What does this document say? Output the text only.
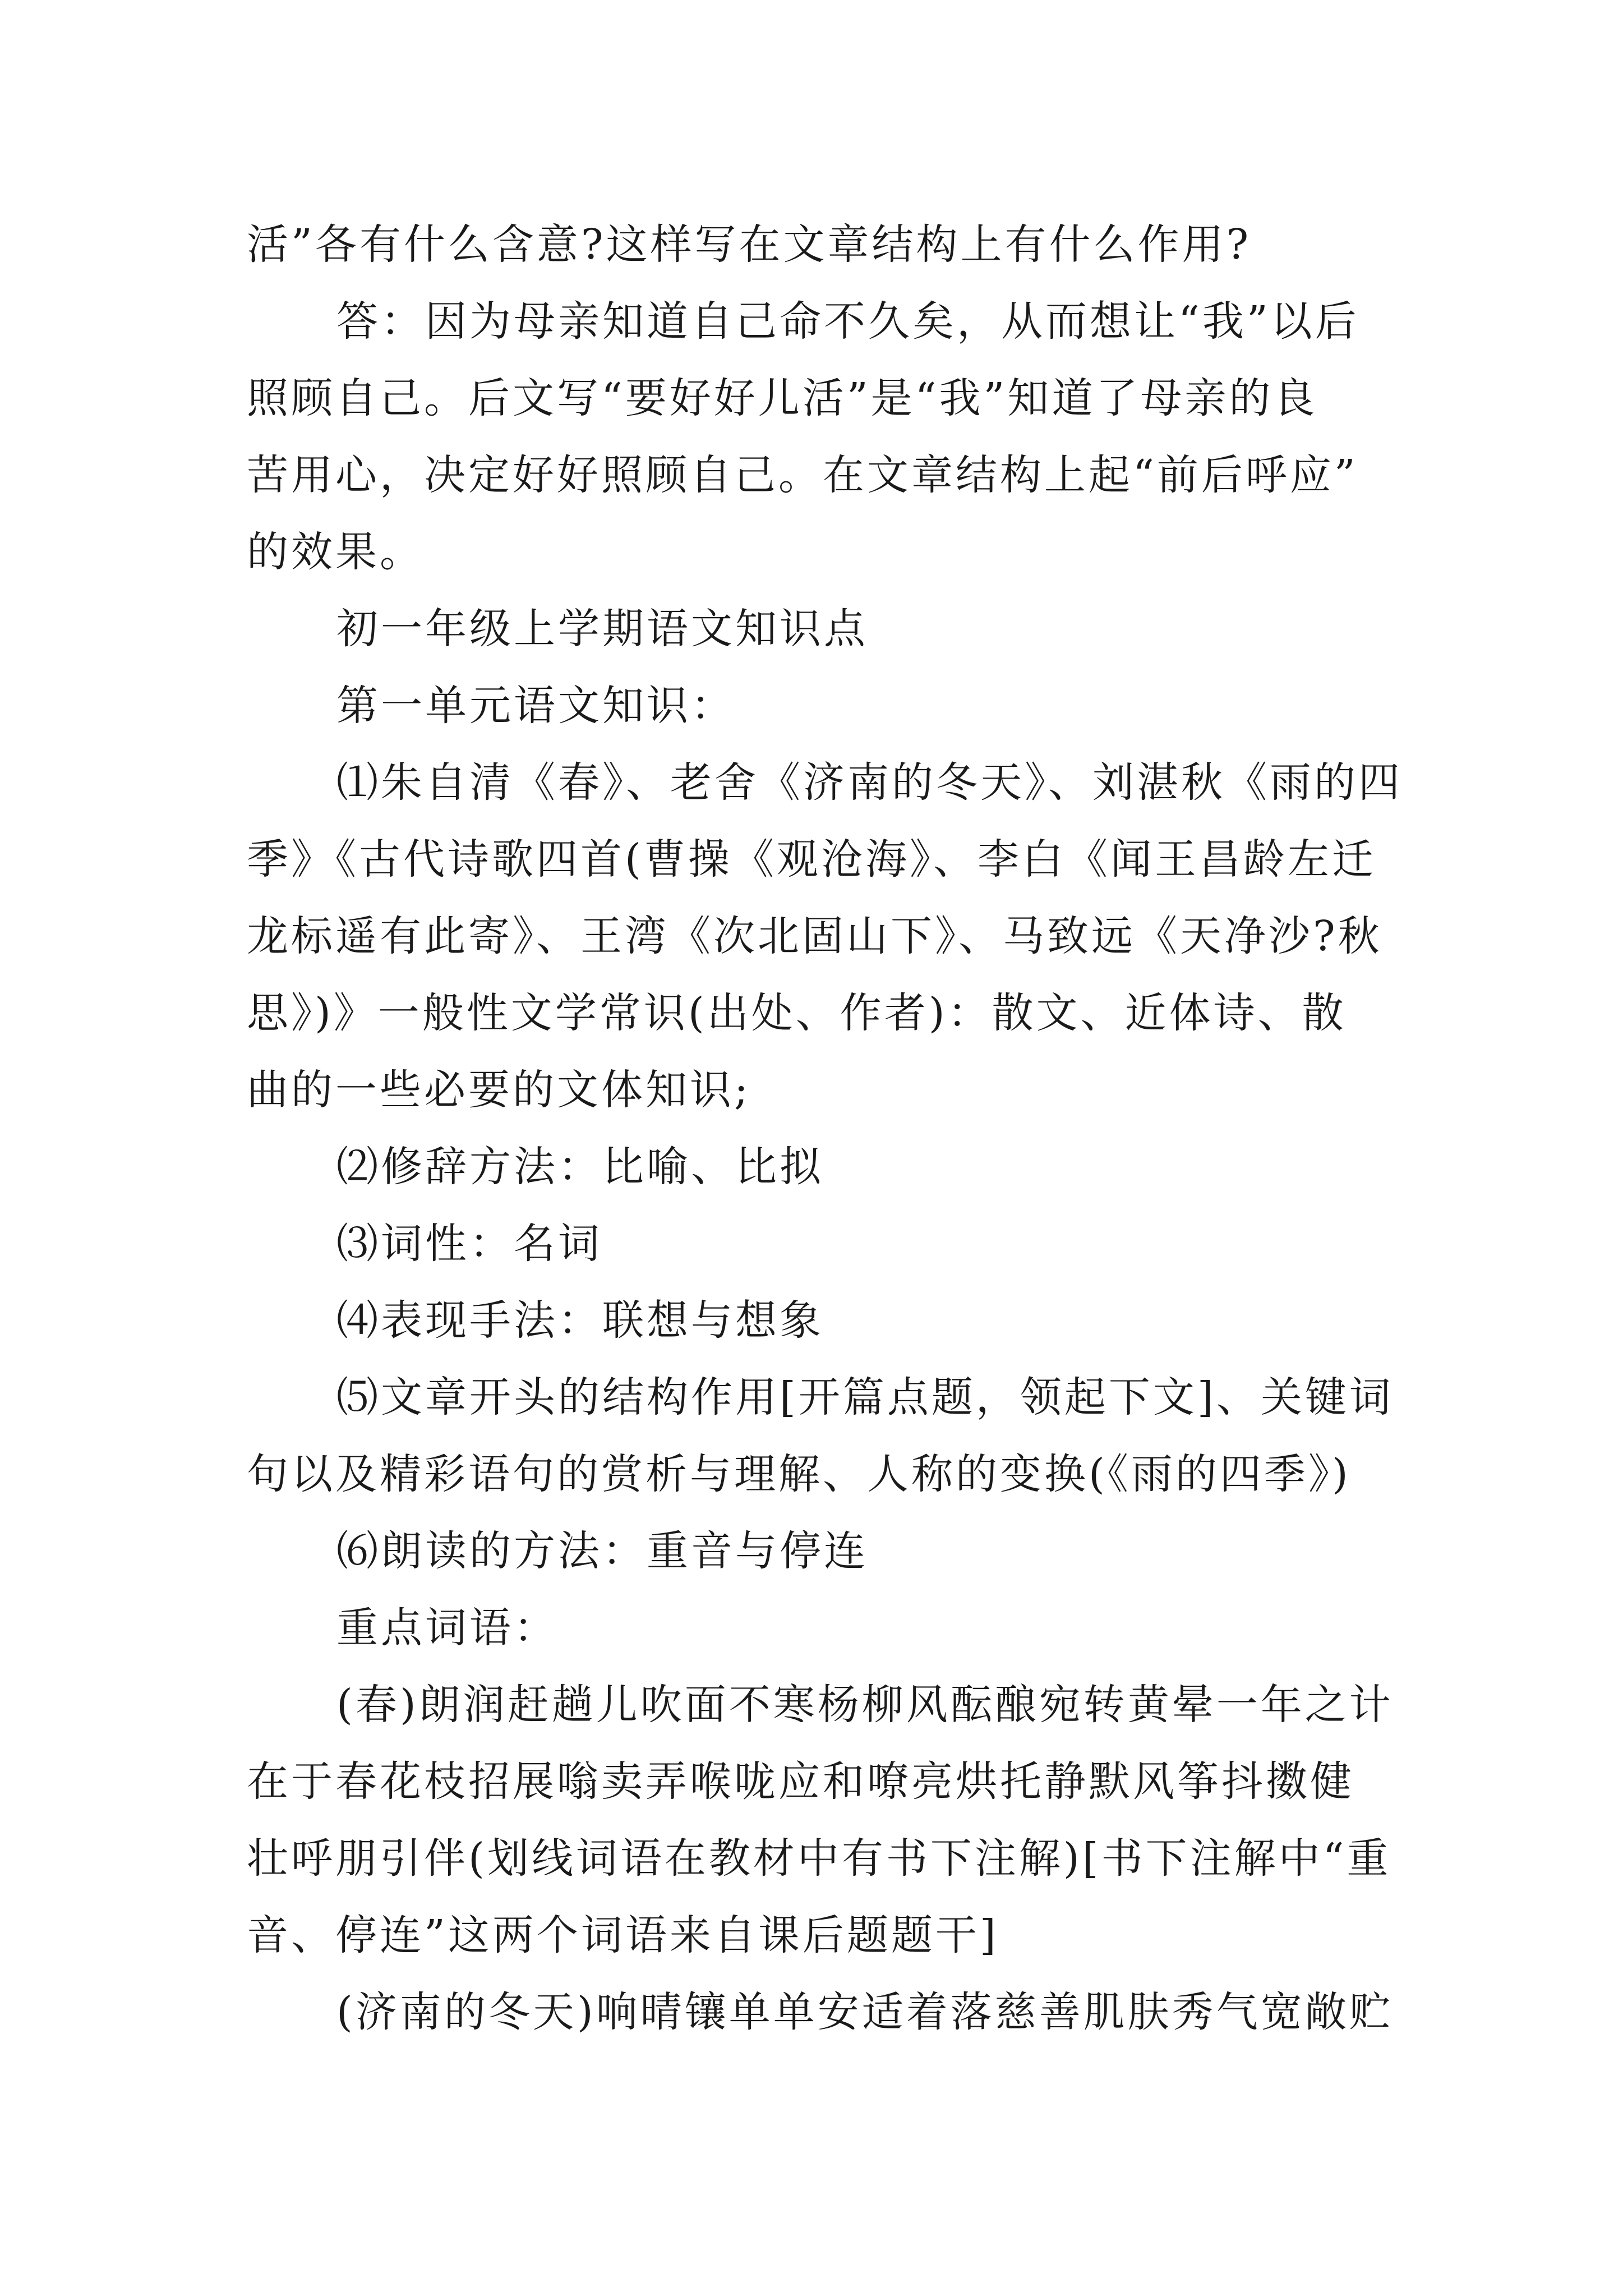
活”各有什么含意?这样写在文章结构上有什么作用?
答：因为母亲知道自己命不久矣，从而想让“我”以后
照顾自己。后文写“要好好儿活”是“我”知道了母亲的良
苦用心，决定好好照顾自己。在文章结构上起“前后呼应”
的效果。
初一年级上学期语文知识点
第一单元语文知识：
⑴朱自清《春》、老舍《济南的冬天》、刘湛秋《雨的四
季》《古代诗歌四首(曹操《观沧海》、李白《闻王昌龄左迁
龙标遥有此寄》、王湾《次北固山下》、马致远《天净沙?秋
思》)》一般性文学常识(出处、作者)：散文、近体诗、散
曲的一些必要的文体知识;
⑵修辞方法：比喻、比拟
⑶词性：名词
⑷表现手法：联想与想象
⑸文章开头的结构作用[开篇点题，领起下文]、关键词
句以及精彩语句的赏析与理解、人称的变换(《雨的四季》)
⑹朗读的方法：重音与停连
重点词语：
(春)朗润赶趟儿吹面不寒杨柳风酝酿宛转黄晕一年之计
在于春花枝招展嗡卖弄喉咙应和嘹亮烘托静默风筝抖擞健
壮呼朋引伴(划线词语在教材中有书下注解)[书下注解中“重
音、停连”这两个词语来自课后题题干]
(济南的冬天)响晴镶单单安适着落慈善肌肤秀气宽敞贮
